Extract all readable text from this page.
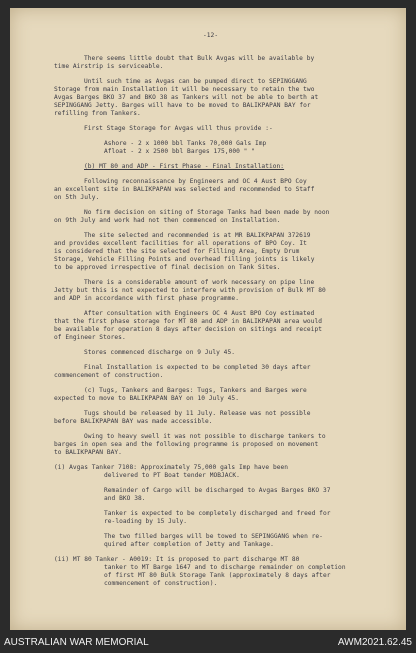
-12-
There seems little doubt that Bulk Avgas will be available by
time Airstrip is serviceable.
Until such time as Avgas can be pumped direct to SEPINGGANG
Storage from main Installation it will be necessary to retain the two
Avgas Barges BKO 37 and BKO 38 as Tankers will not be able to berth at
SEPINGGANG Jetty. Barges will have to be moved to BALIKPAPAN BAY for
refilling from Tankers.
First Stage Storage for Avgas will thus provide :-
Ashore - 2 x 1000 bbl Tanks 70,000 Gals Imp
Afloat - 2 x 2500 bbl Barges 175,000 " "
(b) MT 80 and ADP - First Phase - Final Installation:
Following reconnaissance by Engineers and OC 4 Aust BPO Coy
an excellent site in BALIKPAPAN was selected and recommended to Staff
on 5th July.
No firm decision on siting of Storage Tanks had been made by noon
on 9th July and work had not then commenced on Installation.
The site selected and recommended is at MR BALIKPAPAN 372619
and provides excellent facilities for all operations of BPO Coy. It
is considered that the site selected for Filling Area, Empty Drum
Storage, Vehicle Filling Points and overhead filling joints is likely
to be approved irrespective of final decision on Tank Sites.
There is a considerable amount of work necessary on pipe line
Jetty but this is not expected to interfere with provision of Bulk MT 80
and ADP in accordance with first phase programme.
After consultation with Engineers OC 4 Aust BPO Coy estimated
that the first phase storage for MT 80 and ADP in BALIKPAPAN area would
be available for operation 8 days after decision on sitings and receipt
of Engineer Stores.
Stores commenced discharge on 9 July 45.
Final Installation is expected to be completed 30 days after
commencement of construction.
(c) Tugs, Tankers and Barges: Tugs, Tankers and Barges were
expected to move to BALIKPAPAN BAY on 10 July 45.
Tugs should be released by 11 July. Release was not possible
before BALIKPAPAN BAY was made accessible.
Owing to heavy swell it was not possible to discharge tankers to
barges in open sea and the following programme is proposed on movement
to BALIKPAPAN BAY.
(i) Avgas Tanker 7108: Approximately 75,000 gals Imp have been
delivered to PT Boat tender MOBJACK.
Remainder of Cargo will be discharged to Avgas Barges BKO 37
and BKO 38.
Tanker is expected to be completely discharged and freed for
re-loading by 15 July.
The two filled barges will be towed to SEPINGGANG when re-
quired after completion of Jetty and Tankage.
(ii) MT 80 Tanker - A0019: It is proposed to part discharge MT 80
tanker to MT Barge 1647 and to discharge remainder on completion
of first MT 80 Bulk Storage Tank (approximately 8 days after
commencement of construction).
AUSTRALIAN WAR MEMORIAL	AWM2021.62.45
